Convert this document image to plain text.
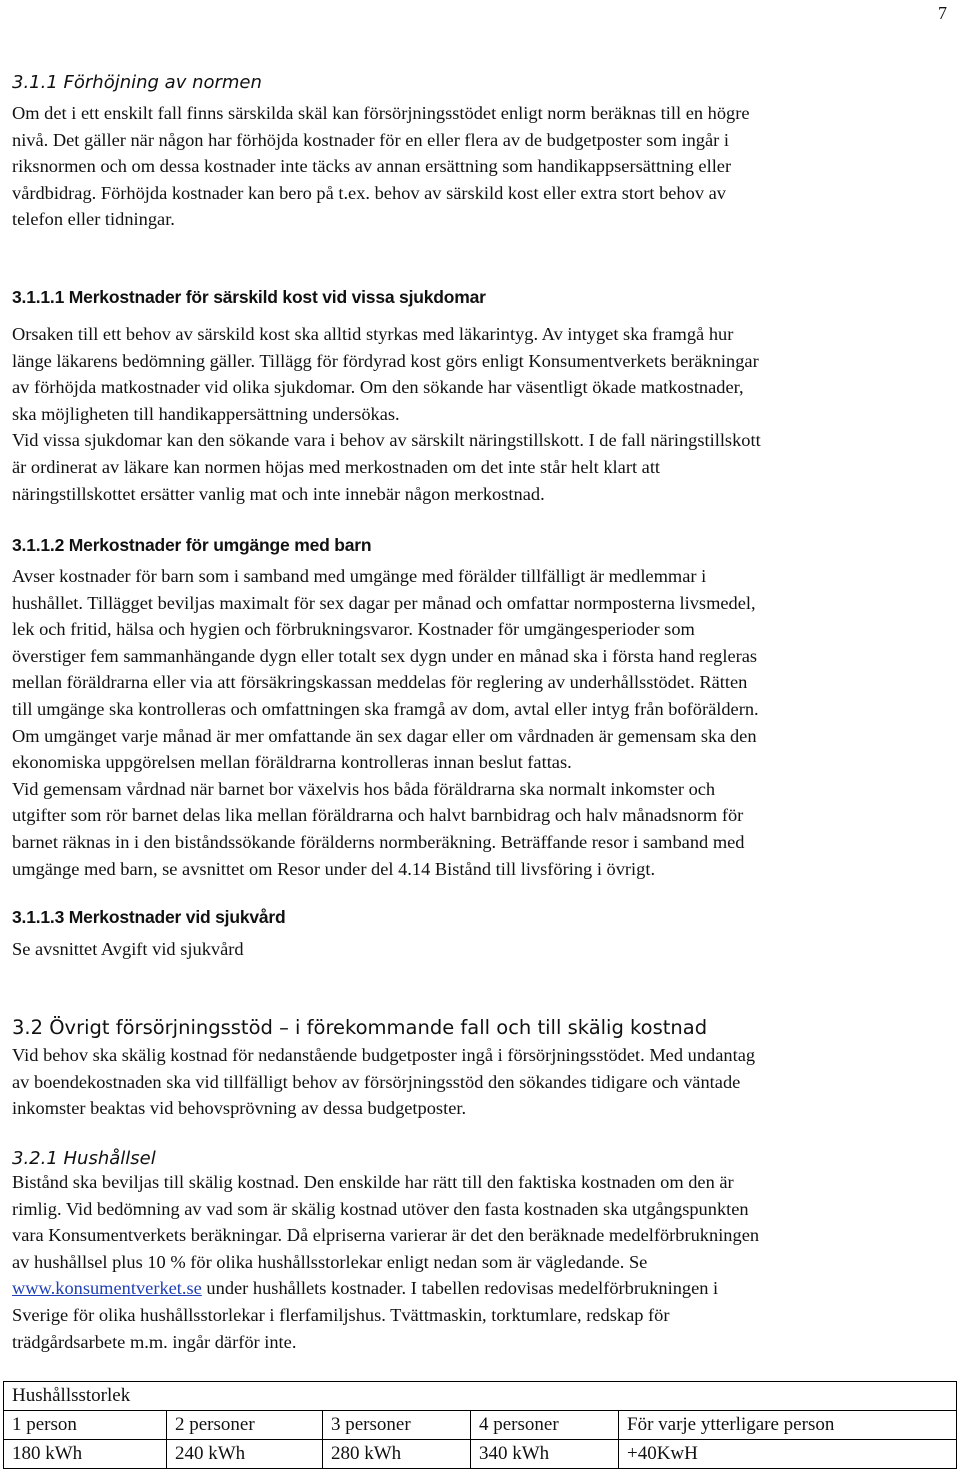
7
3.1.1 Förhöjning av normen
Om det i ett enskilt fall finns särskilda skäl kan försörjningsstödet enligt norm beräknas till en högre
nivå. Det gäller när någon har förhöjda kostnader för en eller flera av de budgetposter som ingår i
riksnormen och om dessa kostnader inte täcks av annan ersättning som handikappsersättning eller
vårdbidrag. Förhöjda kostnader kan bero på t.ex. behov av särskild kost eller extra stort behov av
telefon eller tidningar.
3.1.1.1 Merkostnader för särskild kost vid vissa sjukdomar
Orsaken till ett behov av särskild kost ska alltid styrkas med läkarintyg. Av intyget ska framgå hur
länge läkarens bedömning gäller. Tillägg för fördyrad kost görs enligt Konsumentverkets beräkningar
av förhöjda matkostnader vid olika sjukdomar. Om den sökande har väsentligt ökade matkostnader,
ska möjligheten till handikappersättning undersökas.
Vid vissa sjukdomar kan den sökande vara i behov av särskilt näringstillskott. I de fall näringstillskott
är ordinerat av läkare kan normen höjas med merkostnaden om det inte står helt klart att
näringstillskottet ersätter vanlig mat och inte innebär någon merkostnad.
3.1.1.2 Merkostnader för umgänge med barn
Avser kostnader för barn som i samband med umgänge med förälder tillfälligt är medlemmar i
hushållet. Tillägget beviljas maximalt för sex dagar per månad och omfattar normposterna livsmedel,
lek och fritid, hälsa och hygien och förbrukningsvaror. Kostnader för umgängesperioder som
överstiger fem sammanhängande dygn eller totalt sex dygn under en månad ska i första hand regleras
mellan föräldrarna eller via att försäkringskassan meddelas för reglering av underhållsstödet. Rätten
till umgänge ska kontrolleras och omfattningen ska framgå av dom, avtal eller intyg från boföräldern.
Om umgänget varje månad är mer omfattande än sex dagar eller om vårdnaden är gemensam ska den
ekonomiska uppgörelsen mellan föräldrarna kontrolleras innan beslut fattas.
Vid gemensam vårdnad när barnet bor växelvis hos båda föräldrarna ska normalt inkomster och
utgifter som rör barnet delas lika mellan föräldrarna och halvt barnbidrag och halv månadsnorm för
barnet räknas in i den biståndssökande förälderns normberäkning. Beträffande resor i samband med
umgänge med barn, se avsnittet om Resor under del 4.14 Bistånd till livsföring i övrigt.
3.1.1.3 Merkostnader vid sjukvård
Se avsnittet Avgift vid sjukvård
3.2 Övrigt försörjningsstöd – i förekommande fall och till skälig kostnad
Vid behov ska skälig kostnad för nedanstående budgetposter ingå i försörjningsstödet. Med undantag
av boendekostnaden ska vid tillfälligt behov av försörjningsstöd den sökandes tidigare och väntade
inkomster beaktas vid behovsprövning av dessa budgetposter.
3.2.1 Hushållsel
Bistånd ska beviljas till skälig kostnad. Den enskilde har rätt till den faktiska kostnaden om den är
rimlig. Vid bedömning av vad som är skälig kostnad utöver den fasta kostnaden ska utgångspunkten
vara Konsumentverkets beräkningar. Då elpriserna varierar är det den beräknade medelförbrukningen
av hushållsel plus 10 % för olika hushållsstorlekar enligt nedan som är vägledande. Se
www.konsumentverket.se under hushållets kostnader. I tabellen redovisas medelförbrukningen i
Sverige för olika hushållsstorlekar i flerfamiljshus. Tvättmaskin, torktumlare, redskap för
trädgårdsarbete m.m. ingår därför inte.
Hushållsstorlek				
1 person	2 personer	3 personer	4 personer	För varje ytterligare person
180 kWh	240 kWh	280 kWh	340 kWh	+40KwH
